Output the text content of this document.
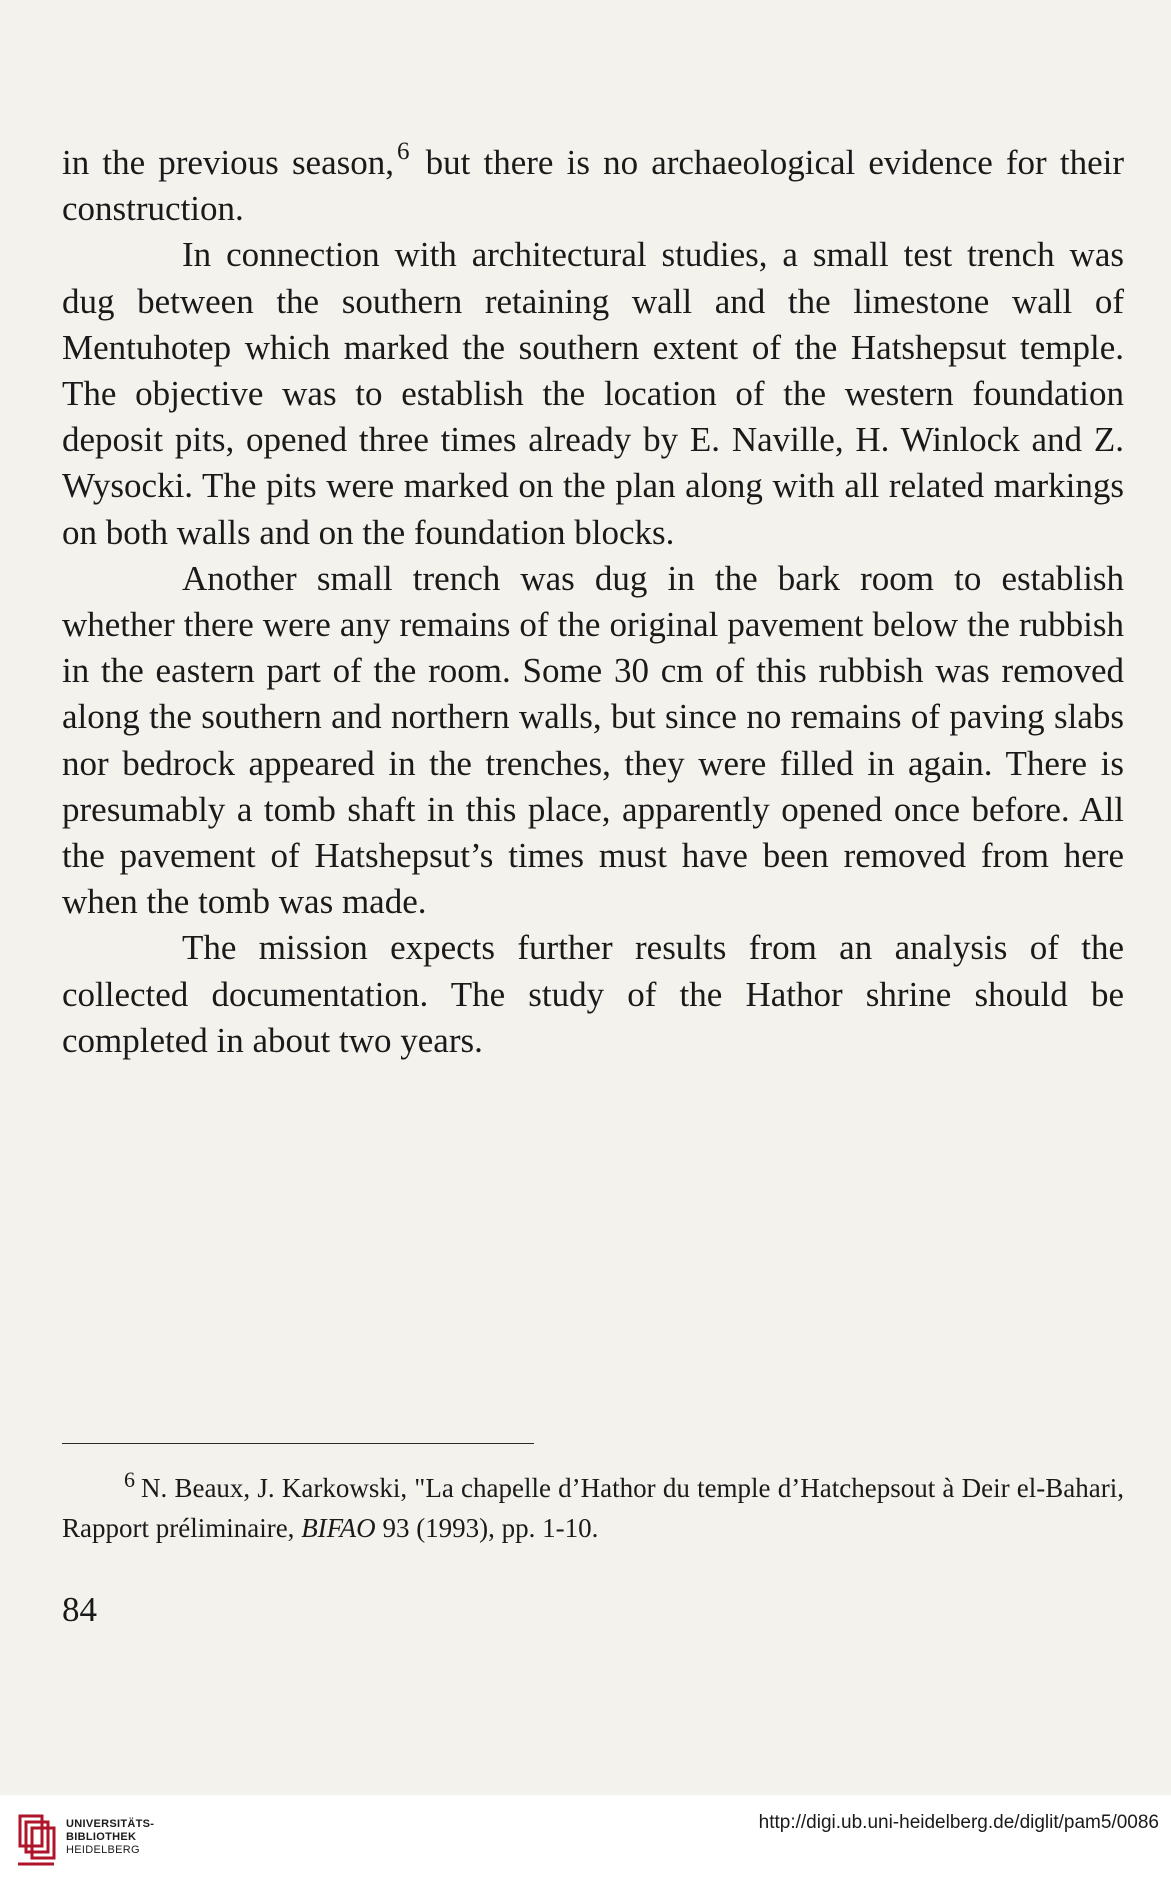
in the previous season, $^6$ but there is no archaeological evidence for their construction.

In connection with architectural studies, a small test trench was dug between the southern retaining wall and the limestone wall of Mentuhotep which marked the southern extent of the Hatshepsut temple. The objective was to establish the location of the western foundation deposit pits, opened three times already by E. Naville, H. Winlock and Z. Wysocki. The pits were marked on the plan along with all related markings on both walls and on the foundation blocks.

Another small trench was dug in the bark room to establish whether there were any remains of the original pavement below the rubbish in the eastern part of the room. Some 30 cm of this rubbish was removed along the southern and northern walls, but since no remains of paving slabs nor bedrock appeared in the trenches, they were filled in again. There is presumably a tomb shaft in this place, apparently opened once before. All the pavement of Hatshepsut’s times must have been removed from here when the tomb was made.

The mission expects further results from an analysis of the collected documentation. The study of the Hathor shrine should be completed in about two years.

$^6$ N. Beaux, J. Karkowski, "La chapelle d’Hathor du temple d’Hatchepsout à Deir el-Bahari, Rapport préliminaire, BIFAO 93 (1993), pp. 1-10.
84
UNIVERSITÄTS-
BIBLIOTHEK
HEIDELBERG
http://digi.ub.uni-heidelberg.de/diglit/pam5/0086
